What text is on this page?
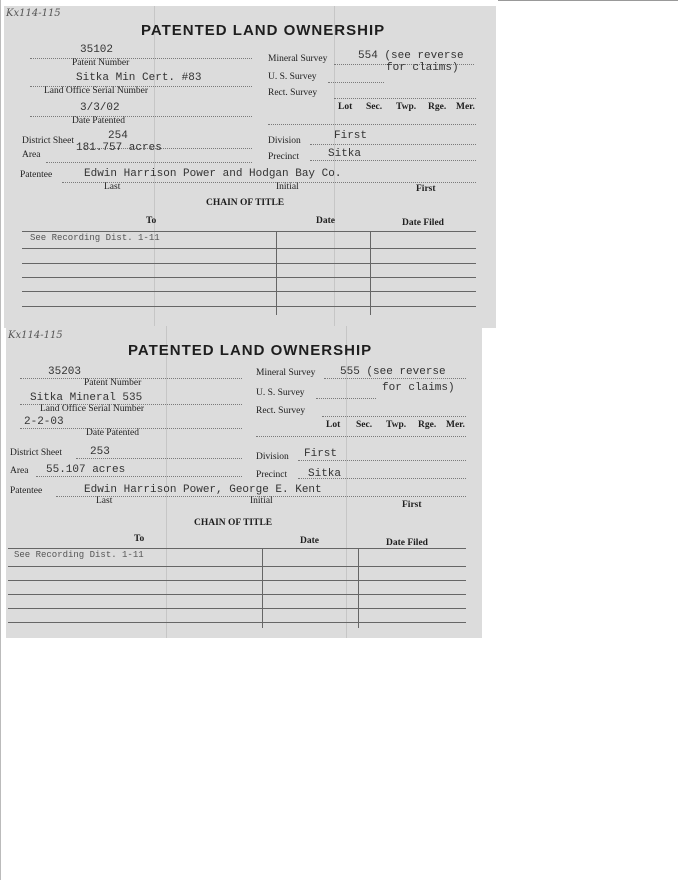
Kx114-115
PATENTED LAND OWNERSHIP
35102
Patent Number
Sitka Min Cert. #83
Land Office Serial Number
3/3/02
Date Patented
District Sheet	254
Area
181.757 acres
Patentee	Edwin Harrison Power and Hodgan Bay Co.
Last	Initial	First
Mineral Survey	554 (see reverse
for claims)
U. S. Survey
Rect. Survey
Lot Sec. Twp. Rge. Mer.
Division	First
Precinct	Sitka
CHAIN OF TITLE
To	Date	Date Filed
See Recording Dist. 1-11
Kx114-115
PATENTED LAND OWNERSHIP
35203
Patent Number
Sitka Mineral 535
Land Office Serial Number
2-2-03
Date Patented
District Sheet	253
Area 55.107 acres
Patentee	Edwin Harrison Power, George E. Kent
Last	Initial	First
Mineral Survey 555 (see reverse
for claims)
U. S. Survey
Rect. Survey
Lot Sec. Twp. Rge. Mer.
Division First
Precinct Sitka
CHAIN OF TITLE
To	Date	Date Filed
See Recording Dist. 1-11
